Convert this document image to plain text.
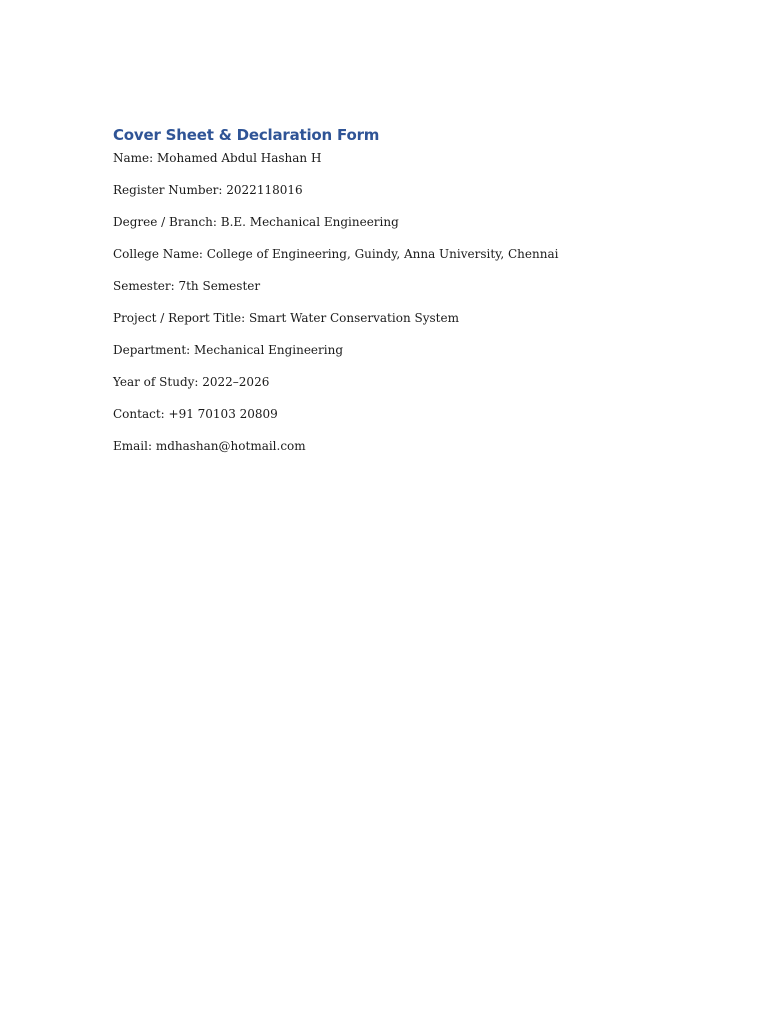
Cover Sheet & Declaration Form

Name: Mohamed Abdul Hashan H

Register Number: 2022118016

Degree / Branch: B.E. Mechanical Engineering

College Name: College of Engineering, Guindy, Anna University, Chennai

Semester: 7th Semester

Project / Report Title: Smart Water Conservation System

Department: Mechanical Engineering

Year of Study: 2022–2026

Contact: +91 70103 20809

Email: mdhashan@hotmail.com
